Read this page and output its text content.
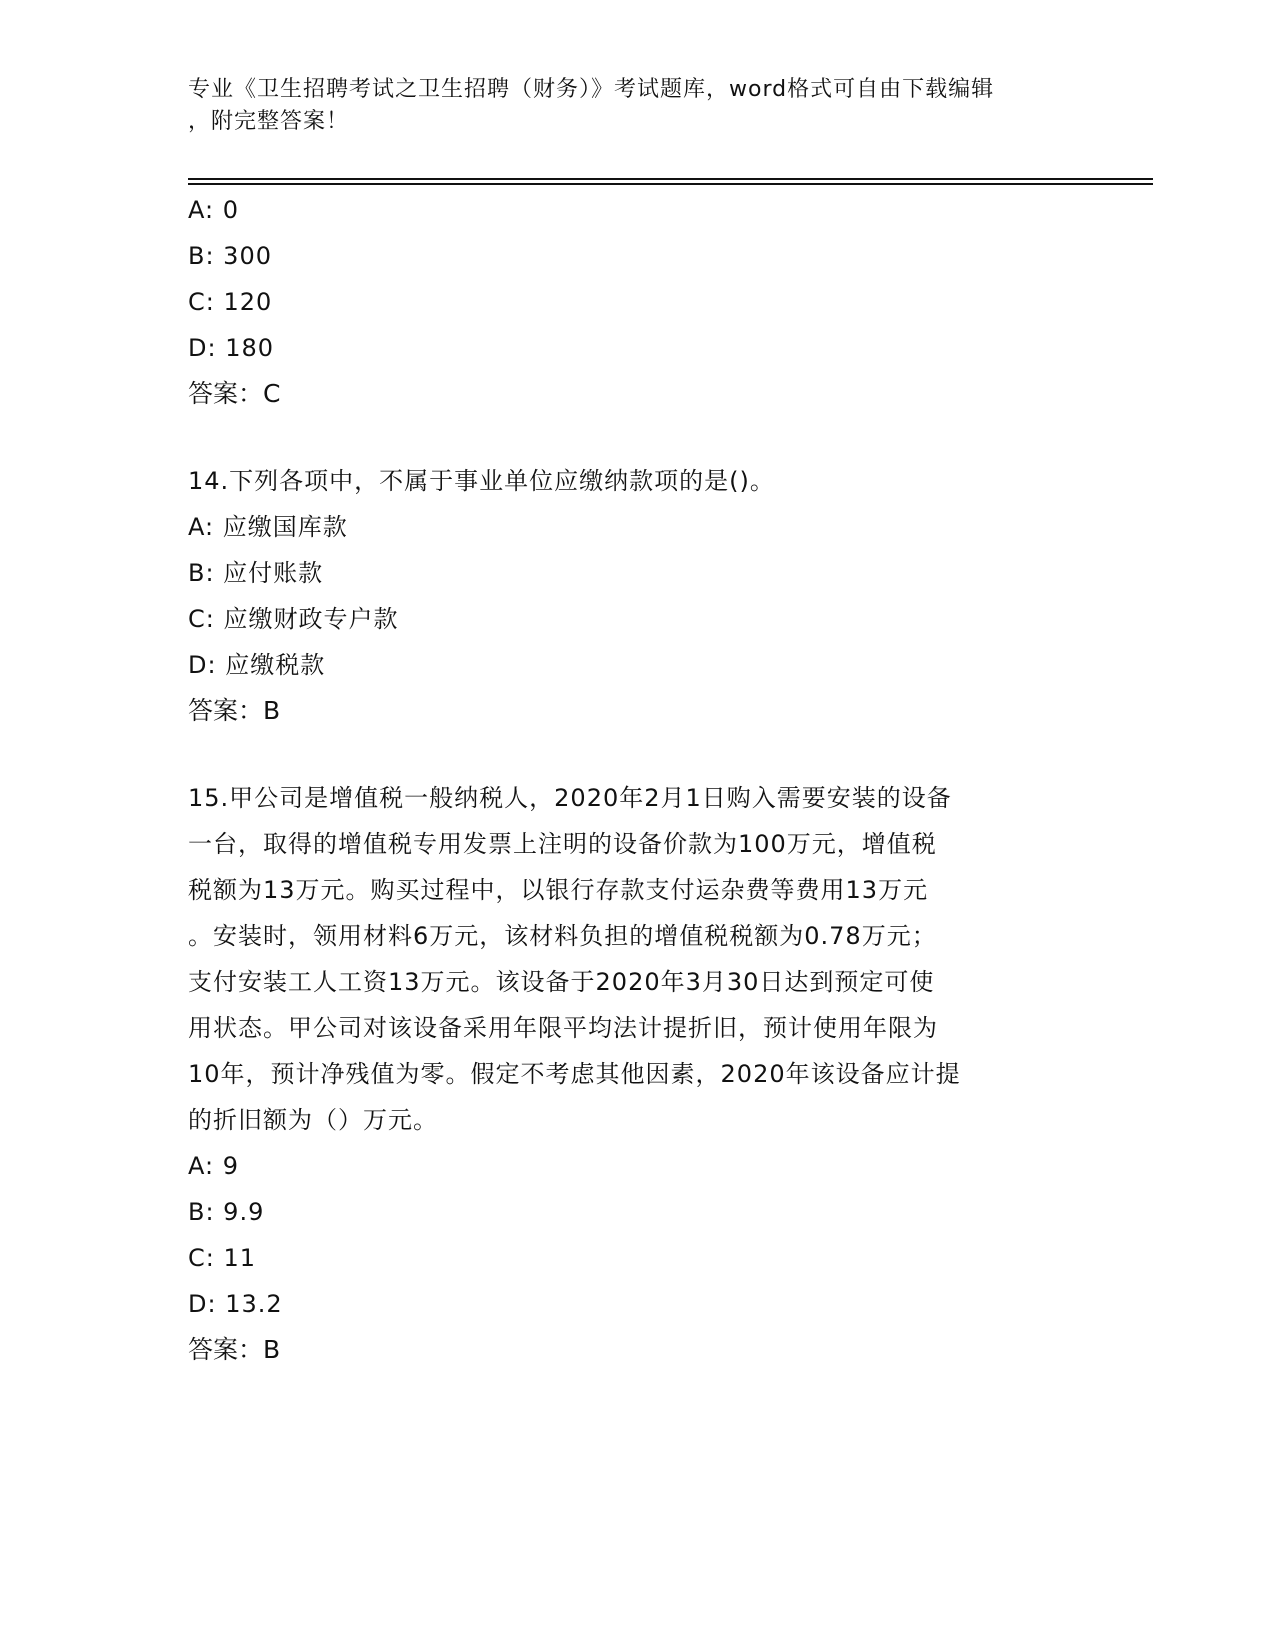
专业《卫生招聘考试之卫生招聘（财务）》考试题库，word格式可自由下载编辑
，附完整答案！
A: 0
B: 300
C: 120
D: 180
答案：C
14.下列各项中，不属于事业单位应缴纳款项的是()。
A: 应缴国库款
B: 应付账款
C: 应缴财政专户款
D: 应缴税款
答案：B
15.甲公司是增值税一般纳税人，2020年2月1日购入需要安装的设备
一台，取得的增值税专用发票上注明的设备价款为100万元，增值税
税额为13万元。购买过程中，以银行存款支付运杂费等费用13万元
。安装时，领用材料6万元，该材料负担的增值税税额为0.78万元；
支付安装工人工资13万元。该设备于2020年3月30日达到预定可使
用状态。甲公司对该设备采用年限平均法计提折旧，预计使用年限为
10年，预计净残值为零。假定不考虑其他因素，2020年该设备应计提
的折旧额为（）万元。
A: 9
B: 9.9
C: 11
D: 13.2
答案：B
